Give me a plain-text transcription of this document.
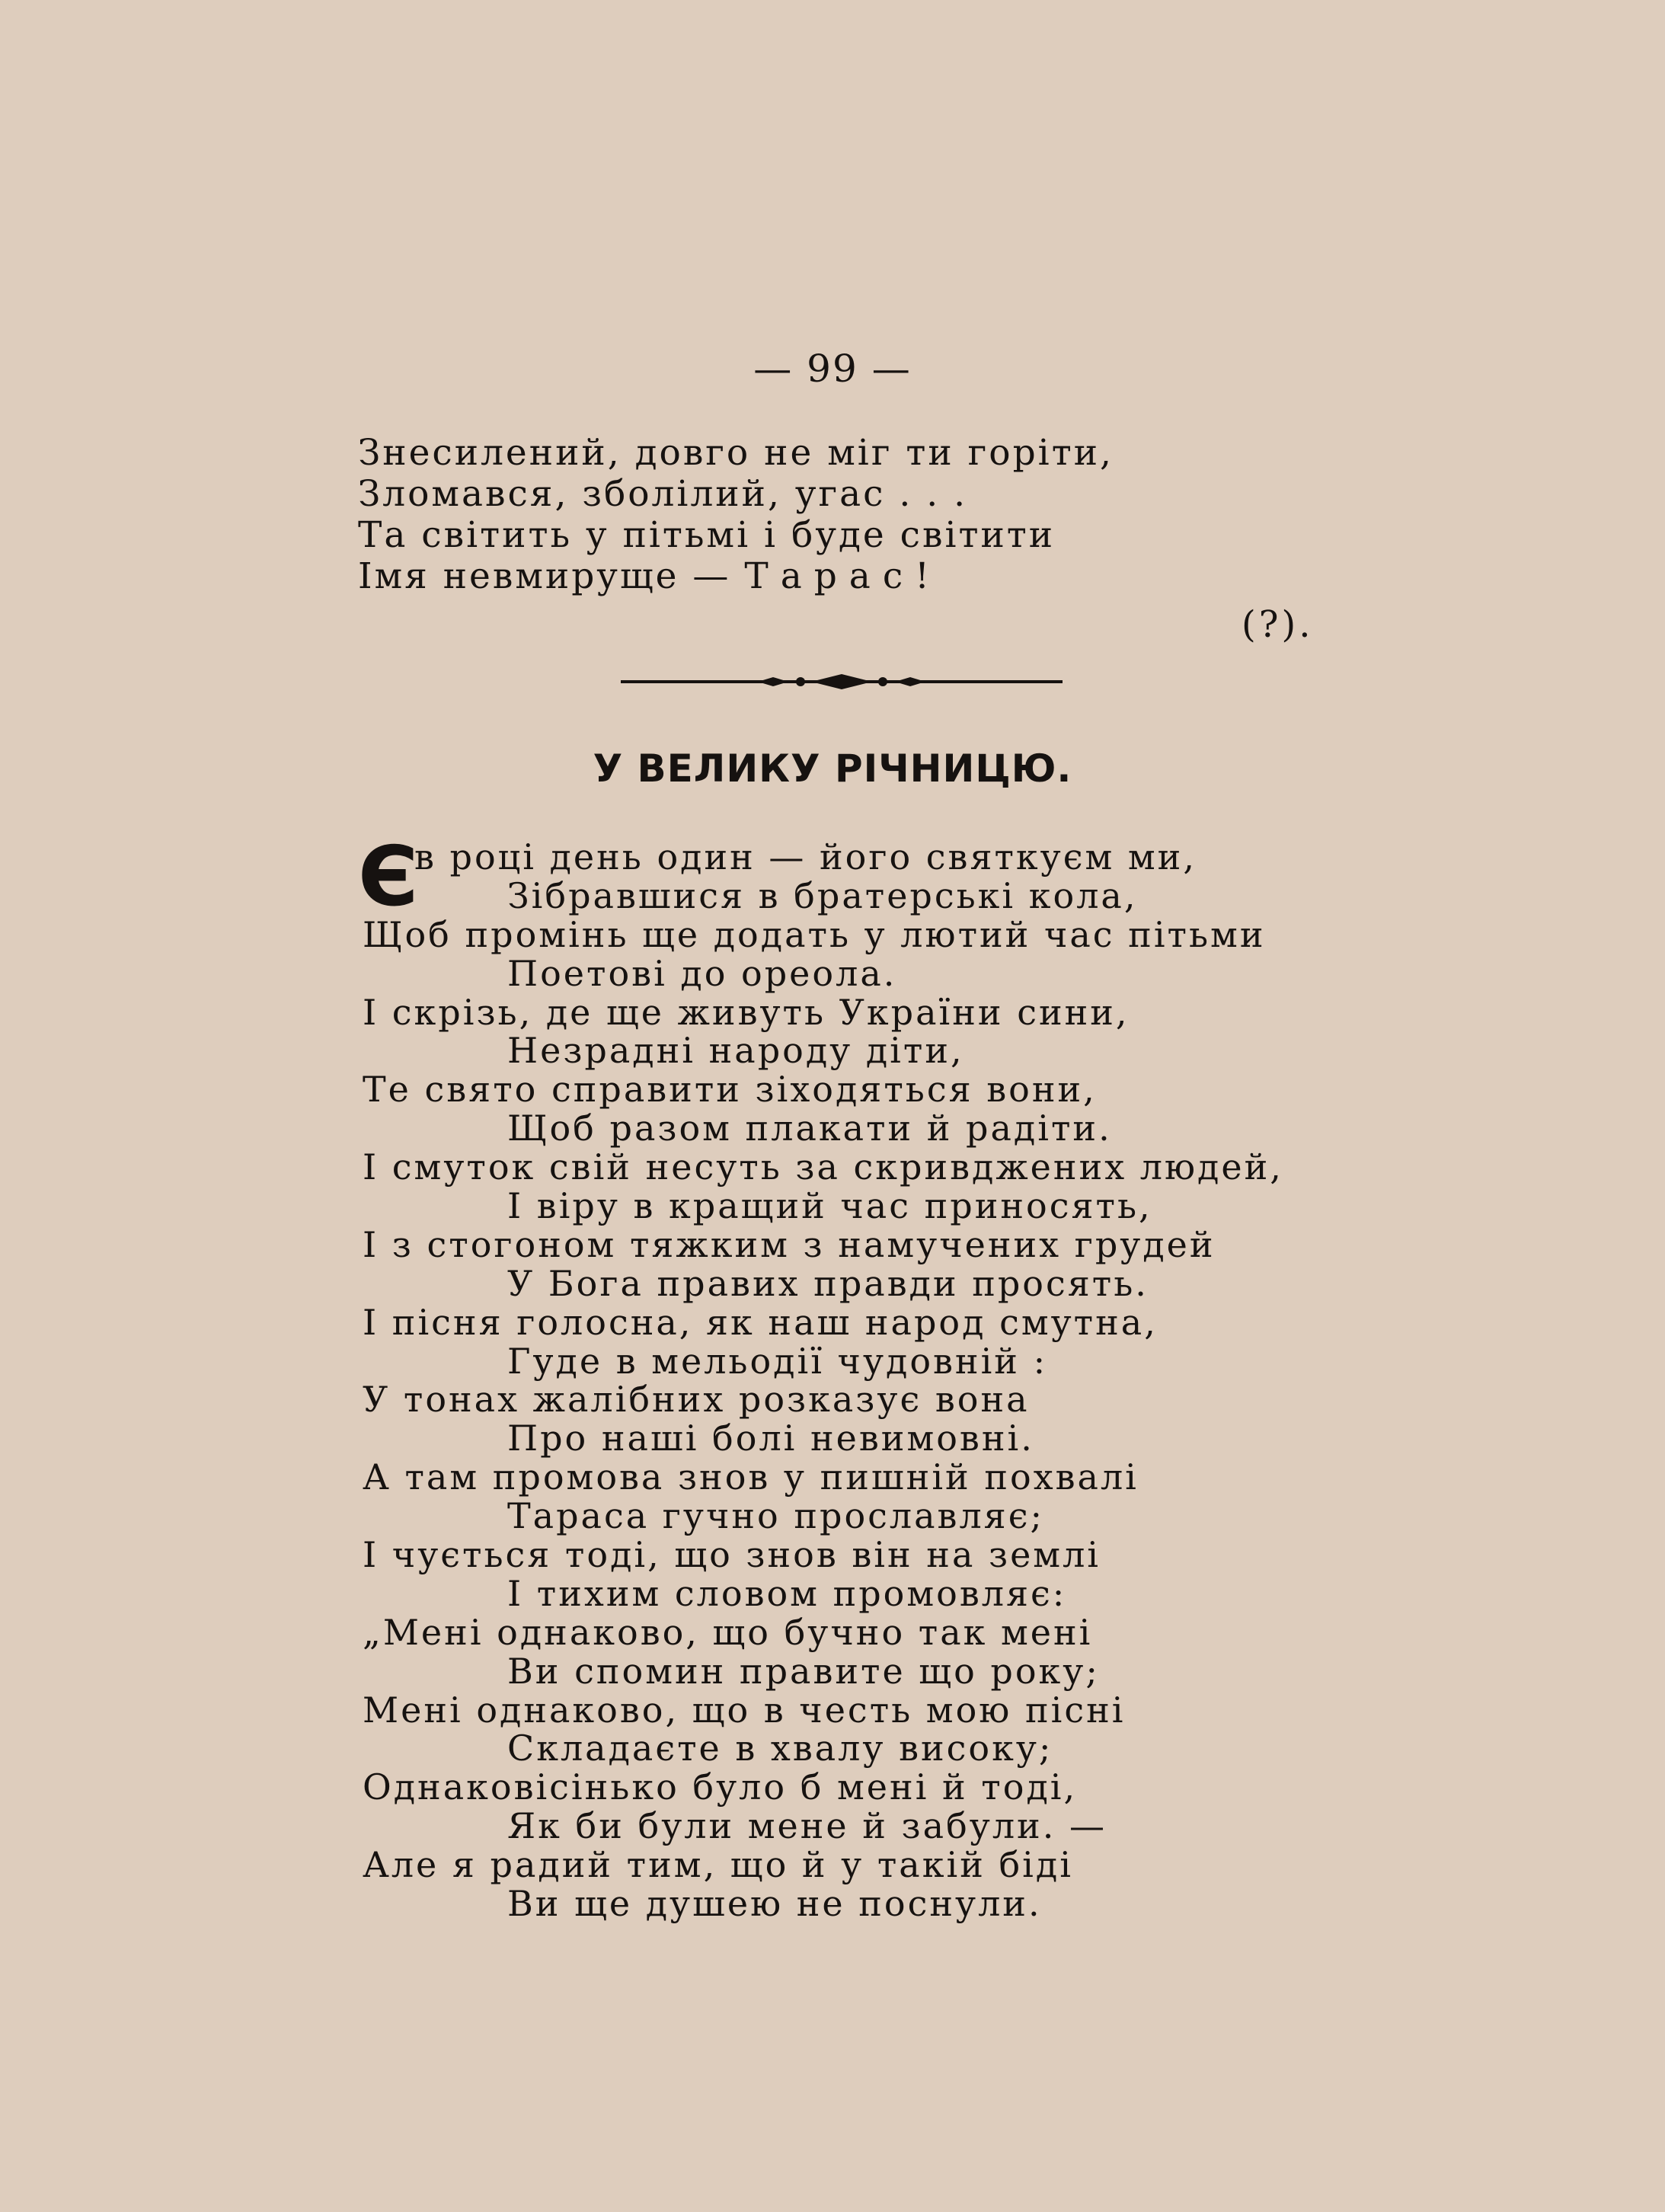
— 99 —
Знесилений, довго не міг ти горіти,
Зломався, зболілий, угас . . .
Та світить у пітьмі і буде світити
Імя невмируще — Тарас!
(?).
У ВЕЛИКУ РІЧНИЦЮ.
Є
в році день один — його святкуєм ми,
Зібравшися в братерські кола,
Щоб промінь ще додать у лютий час пітьми
Поетові до ореола.
І скрізь, де ще живуть України сини,
Незрадні народу діти,
Те свято справити зіходяться вони,
Щоб разом плакати й радіти.
І смуток свій несуть за скривджених людей,
І віру в кращий час приносять,
І з стогоном тяжким з намучених грудей
У Бога правих правди просять.
І пісня голосна, як наш народ смутна,
Гуде в мельодії чудовній :
У тонах жалібних розказує вона
Про наші болі невимовні.
А там промова знов у пишній похвалі
Тараса гучно прославляє;
І чується тоді, що знов він на землі
І тихим словом промовляє:
„Мені однаково, що бучно так мені
Ви спомин правите що року;
Мені однаково, що в честь мою пісні
Складаєте в хвалу високу;
Однаковісінько було б мені й тоді,
Як би були мене й забули. —
Але я радий тим, що й у такій біді
Ви ще душею не поснули.
